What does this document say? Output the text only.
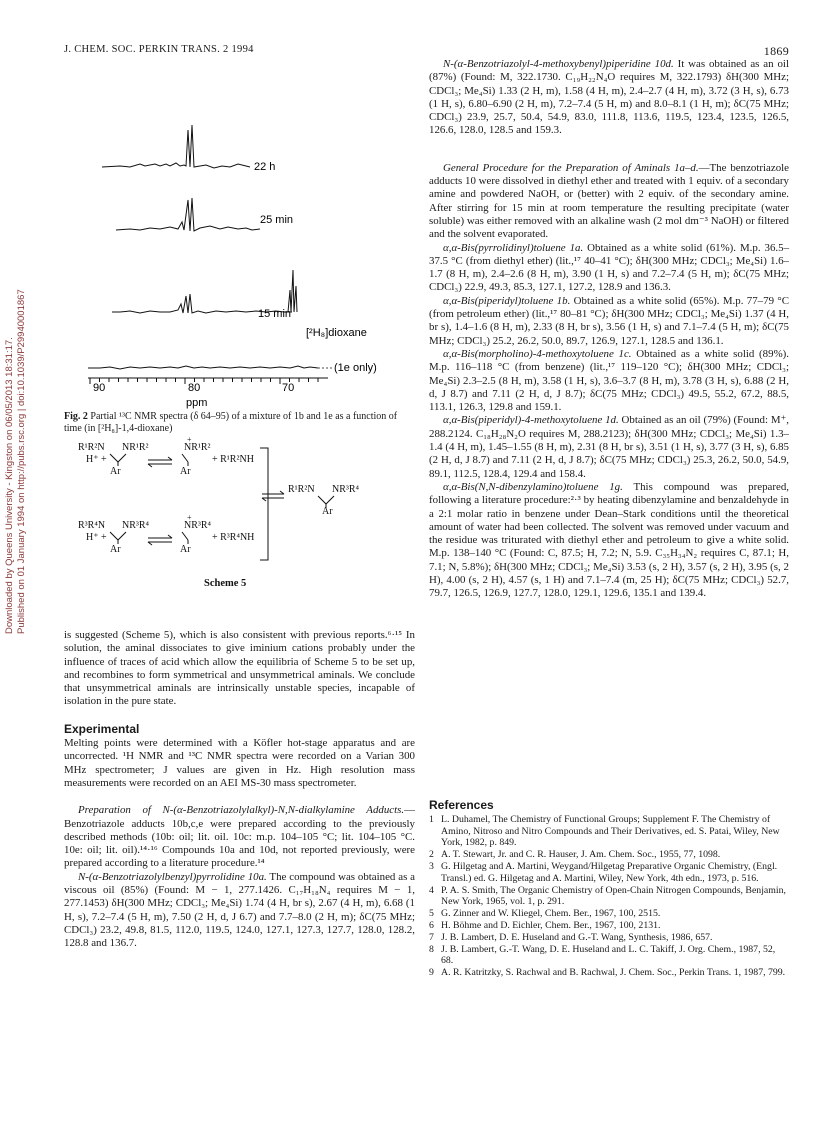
J. CHEM. SOC. PERKIN TRANS. 2 1994	1869
Downloaded by Queens University - Kingston on 06/05/2013 18:31:17. Published on 01 January 1994 on http://pubs.rsc.org | doi:10.1039/P29940001867
22 h
25 min
15 min
[²H₈]dioxane
(1e only)
90	80	70
ppm
Fig. 2 Partial ¹³C NMR spectra (δ 64–95) of a mixture of 1b and 1e as a function of time (in [²H₈]-1,4-dioxane)
R¹R²N NR¹R²
H⁺ +
Ar
NR¹R²
+
+ R¹R²NH
Ar
R³R⁴N NR³R⁴
H⁺ +
Ar
NR³R⁴
+
+ R³R⁴NH
Ar
R¹R²N NR³R⁴
Ar
Scheme 5

is suggested (Scheme 5), which is also consistent with previous reports.⁶·¹⁵ In solution, the aminal dissociates to give iminium cations probably under the influence of traces of acid which allow the equilibria of Scheme 5 to be set up, and recombines to form symmetrical and unsymmetrical aminals. We conclude that unsymmetrical aminals are intrinsically unstable species, incapable of isolation in the pure state.

Experimental

Melting points were determined with a Köfler hot-stage apparatus and are uncorrected. ¹H NMR and ¹³C NMR spectra were recorded on a Varian 300 MHz spectrometer; J values are given in Hz. High resolution mass measurements were recorded on an AEI MS-30 mass spectrometer.

Preparation of N-(α-Benzotriazolylalkyl)-N,N-dialkylamine Adducts.—Benzotriazole adducts 10b,c,e were prepared according to the previously described methods (10b: oil; lit. oil. 10c: m.p. 104–105 °C; lit. 104–105 °C. 10e: oil; lit. oil).¹⁴·¹⁶ Compounds 10a and 10d, not reported previously, were prepared according to a literature procedure.¹⁴

N-(α-Benzotriazolylbenzyl)pyrrolidine 10a. The compound was obtained as a viscous oil (85%) (Found: M − 1, 277.1426. C₁₇H₁₈N₄ requires M − 1, 277.1453) δH(300 MHz; CDCl₃; Me₄Si) 1.74 (4 H, br s), 2.67 (4 H, m), 6.68 (1 H, s), 7.2–7.4 (5 H, m), 7.50 (2 H, d, J 6.7) and 7.7–8.0 (2 H, m); δC(75 MHz; CDCl₃) 23.2, 49.8, 81.5, 112.0, 119.5, 124.0, 127.1, 127.3, 127.7, 128.0, 128.2, 128.8 and 136.7.

N-(α-Benzotriazolyl-4-methoxybenyl)piperidine 10d. It was obtained as an oil (87%) (Found: M, 322.1730. C₁₉H₂₂N₄O requires M, 322.1793) δH(300 MHz; CDCl₃; Me₄Si) 1.33 (2 H, m), 1.58 (4 H, m), 2.4–2.7 (4 H, m), 3.72 (3 H, s), 6.73 (1 H, s), 6.80–6.90 (2 H, m), 7.2–7.4 (5 H, m) and 8.0–8.1 (1 H, m); δC(75 MHz; CDCl₃) 23.9, 25.7, 50.4, 54.9, 83.0, 111.8, 113.6, 119.5, 123.4, 123.5, 126.5, 126.6, 128.0, 128.5 and 159.3.

General Procedure for the Preparation of Aminals 1a–d.—The benzotriazole adducts 10 were dissolved in diethyl ether and treated with 1 equiv. of a secondary amine and powdered NaOH, or (better) with 2 equiv. of the secondary amine. After stirring for 15 min at room temperature the resulting precipitate (water soluble) was either removed with an alkaline wash (2 mol dm⁻³ NaOH) or filtered and the solvent evaporated.

α,α-Bis(pyrrolidinyl)toluene 1a. Obtained as a white solid (61%). M.p. 36.5–37.5 °C (from diethyl ether) (lit.,¹⁷ 40–41 °C); δH(300 MHz; CDCl₃; Me₄Si) 1.6–1.7 (8 H, m), 2.4–2.6 (8 H, m), 3.90 (1 H, s) and 7.2–7.4 (5 H, m); δC(75 MHz; CDCl₃) 22.9, 49.3, 85.3, 127.1, 127.2, 128.9 and 136.3.

α,α-Bis(piperidyl)toluene 1b. Obtained as a white solid (65%). M.p. 77–79 °C (from petroleum ether) (lit.,¹⁷ 80–81 °C); δH(300 MHz; CDCl₃; Me₄Si) 1.37 (4 H, br s), 1.4–1.6 (8 H, m), 2.33 (8 H, br s), 3.56 (1 H, s) and 7.1–7.4 (5 H, m); δC(75 MHz; CDCl₃) 25.2, 26.2, 50.0, 89.7, 126.9, 127.1, 128.5 and 136.1.

α,α-Bis(morpholino)-4-methoxytoluene 1c. Obtained as a white solid (89%). M.p. 116–118 °C (from benzene) (lit.,¹⁷ 119–120 °C); δH(300 MHz; CDCl₃; Me₄Si) 2.3–2.5 (8 H, m), 3.58 (1 H, s), 3.6–3.7 (8 H, m), 3.78 (3 H, s), 6.88 (2 H, d, J 8.7) and 7.11 (2 H, d, J 8.7); δC(75 MHz; CDCl₃) 49.5, 55.2, 67.2, 88.5, 113.1, 126.3, 129.8 and 159.1.

α,α-Bis(piperidyl)-4-methoxytoluene 1d. Obtained as an oil (79%) (Found: M⁺, 288.2124. C₁₈H₂₈N₂O requires M, 288.2123); δH(300 MHz; CDCl₃; Me₄Si) 1.3–1.4 (4 H, m), 1.45–1.55 (8 H, m), 2.31 (8 H, br s), 3.51 (1 H, s), 3.77 (3 H, s), 6.85 (2 H, d, J 8.7) and 7.11 (2 H, d, J 8.7); δC(75 MHz; CDCl₃) 25.3, 26.2, 50.0, 54.9, 89.1, 112.5, 128.4, 129.4 and 158.4.

α,α-Bis(N,N-dibenzylamino)toluene 1g. This compound was prepared, following a literature procedure:²·³ by heating dibenzylamine and benzaldehyde in a 2:1 molar ratio in benzene under Dean–Stark conditions until the theoretical amount of water had been collected. The solvent was removed under vacuum and the residue was triturated with diethyl ether and petroleum to give a white solid. M.p. 138–140 °C (Found: C, 87.5; H, 7.2; N, 5.9. C₃₅H₃₄N₂ requires C, 87.1; H, 7.1; N, 5.8%); δH(300 MHz; CDCl₃; Me₄Si) 3.53 (s, 2 H), 3.57 (s, 2 H), 3.95 (s, 2 H), 4.00 (s, 2 H), 4.57 (s, 1 H) and 7.1–7.4 (m, 25 H); δC(75 MHz; CDCl₃) 52.7, 79.7, 126.5, 126.9, 127.7, 128.0, 129.1, 129.6, 135.1 and 139.4.

References
1 L. Duhamel, The Chemistry of Functional Groups; Supplement F. The Chemistry of Amino, Nitroso and Nitro Compounds and Their Derivatives, ed. S. Patai, Wiley, New York, 1982, p. 849.
2 A. T. Stewart, Jr. and C. R. Hauser, J. Am. Chem. Soc., 1955, 77, 1098.
3 G. Hilgetag and A. Martini, Weygand/Hilgetag Preparative Organic Chemistry, (Engl. Transl.) ed. G. Hilgetag and A. Martini, Wiley, New York, 4th edn., 1973, p. 516.
4 P. A. S. Smith, The Organic Chemistry of Open-Chain Nitrogen Compounds, Benjamin, New York, 1965, vol. 1, p. 291.
5 G. Zinner and W. Kliegel, Chem. Ber., 1967, 100, 2515.
6 H. Böhme and D. Eichler, Chem. Ber., 1967, 100, 2131.
7 J. B. Lambert, D. E. Huseland and G.-T. Wang, Synthesis, 1986, 657.
8 J. B. Lambert, G.-T. Wang, D. E. Huseland and L. C. Takiff, J. Org. Chem., 1987, 52, 68.
9 A. R. Katritzky, S. Rachwal and B. Rachwal, J. Chem. Soc., Perkin Trans. 1, 1987, 799.
